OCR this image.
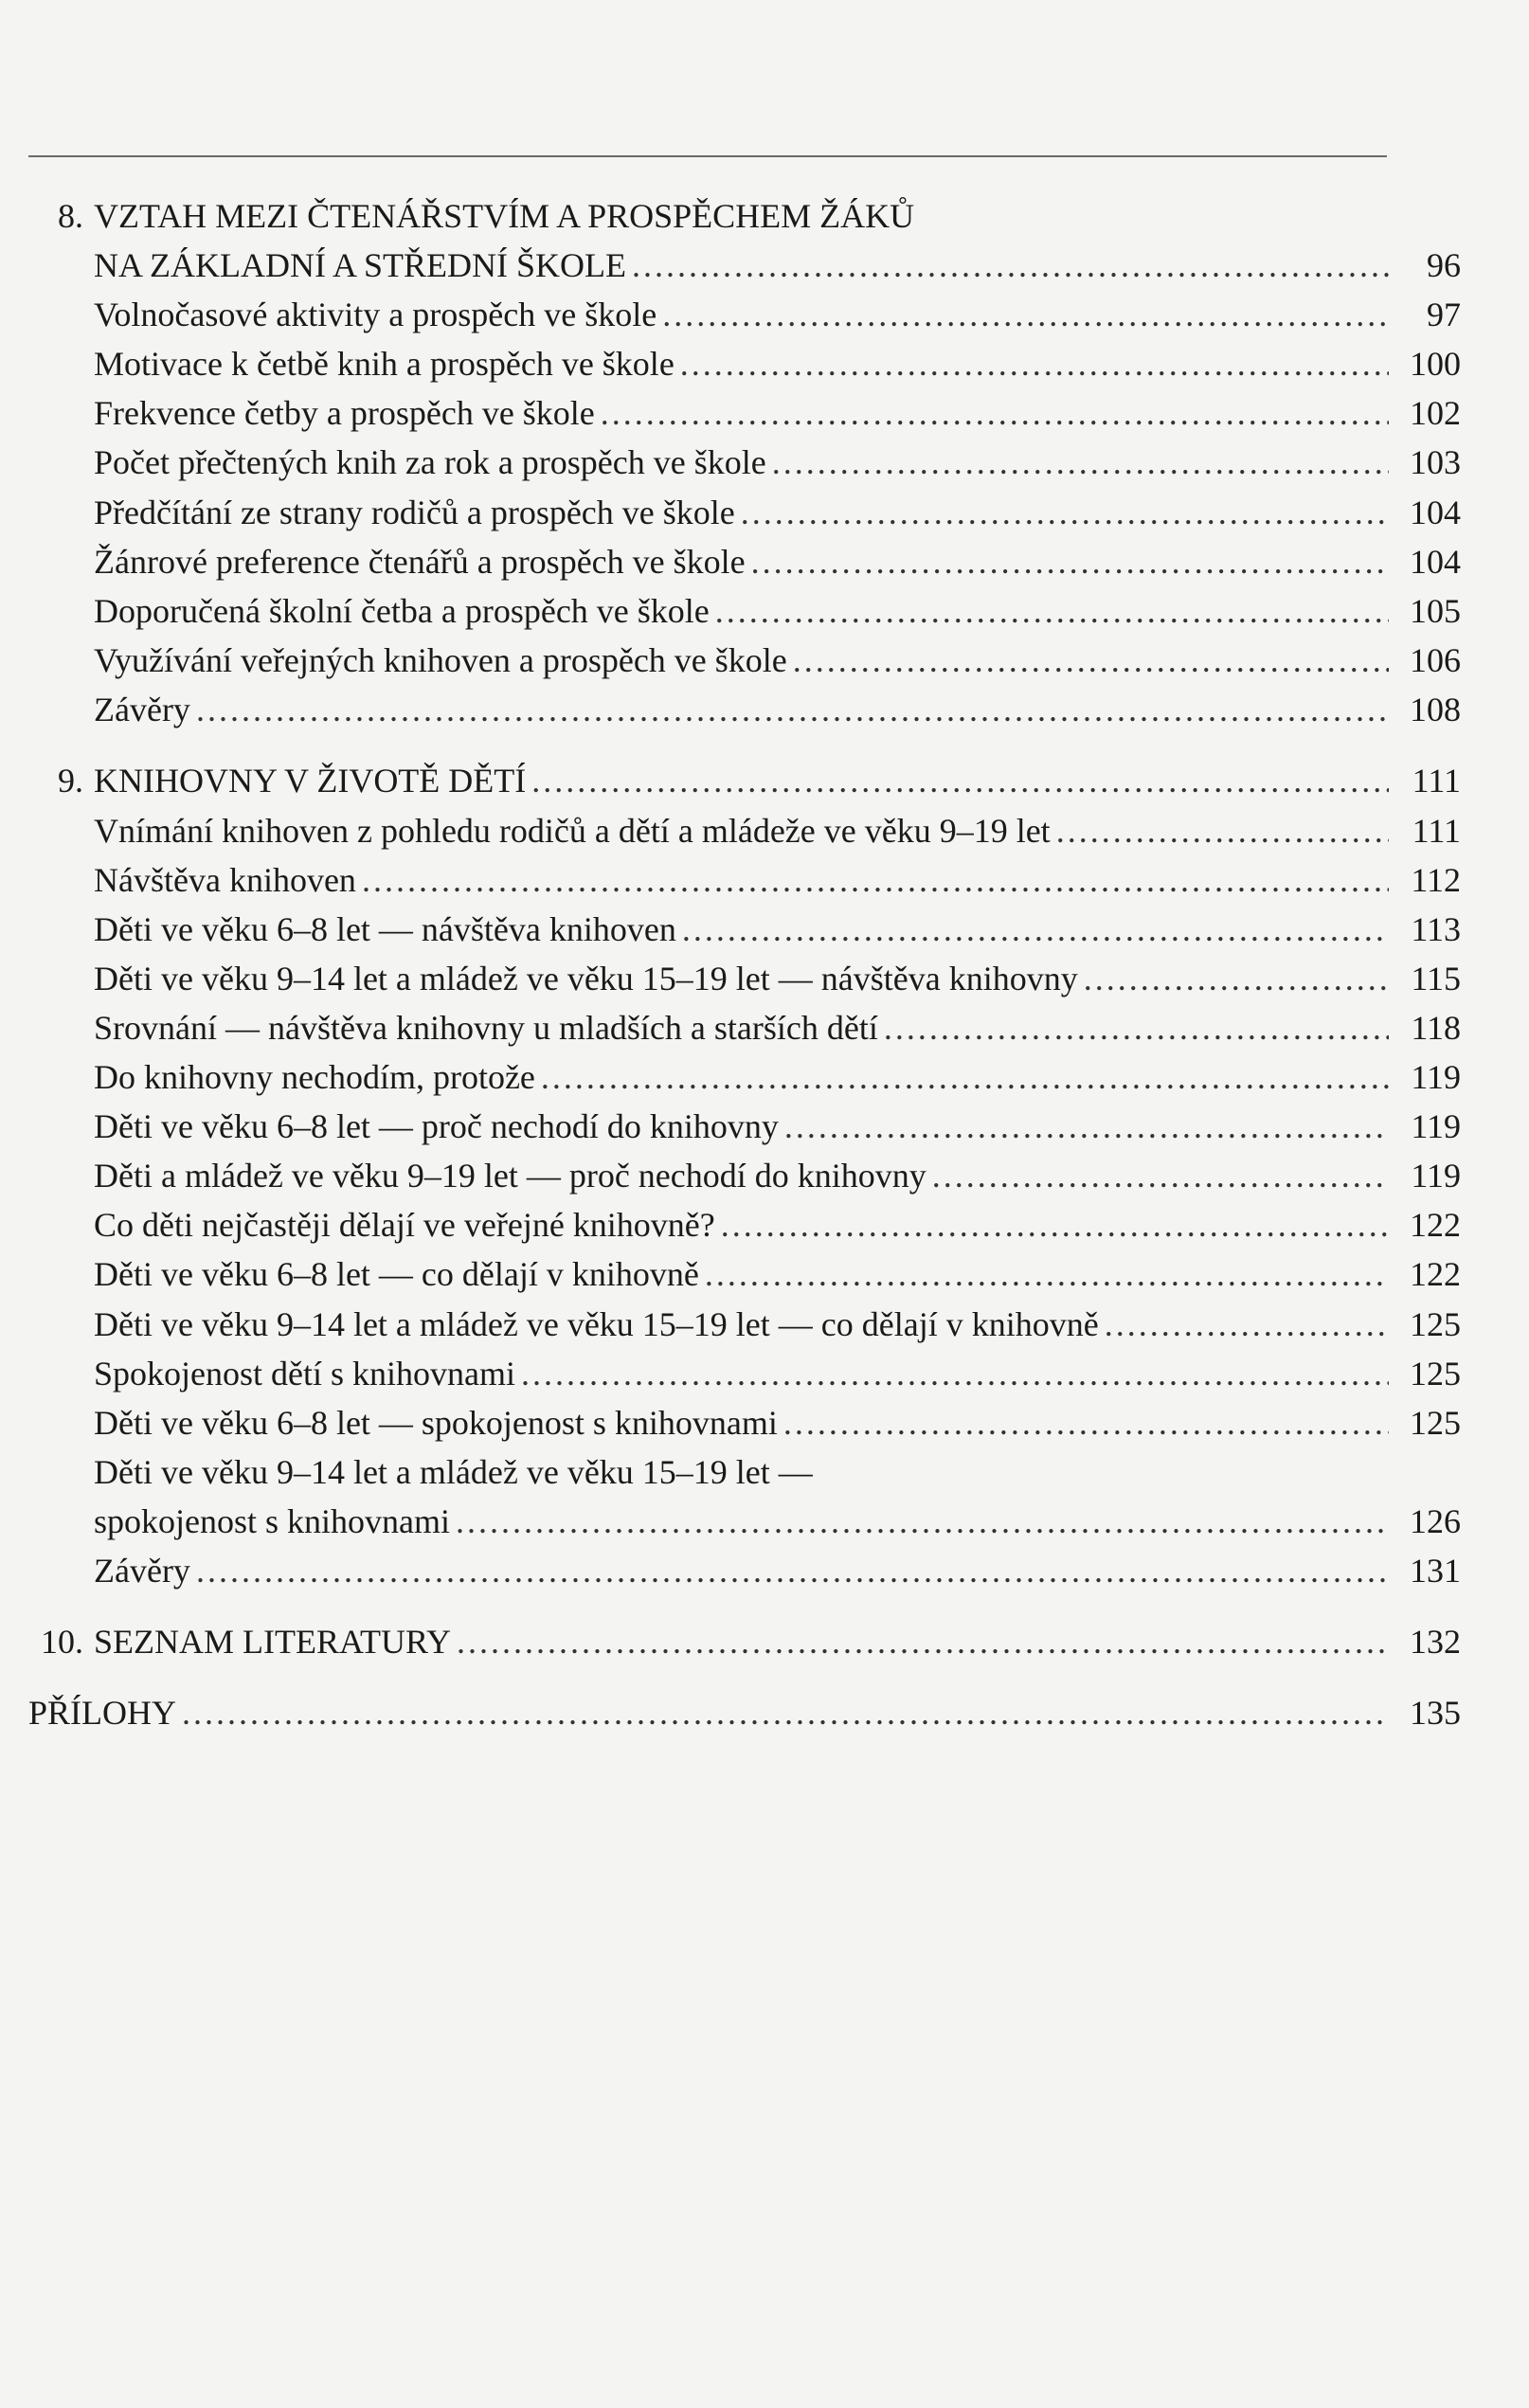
8. VZTAH MEZI ČTENÁŘSTVÍM A PROSPĚCHEM ŽÁKŮ
NA ZÁKLADNÍ A STŘEDNÍ ŠKOLE . . .	96
Volnočasové aktivity a prospěch ve škole . . .	97
Motivace k četbě knih a prospěch ve škole . . .	100
Frekvence četby a prospěch ve škole . . .	102
Počet přečtených knih za rok a prospěch ve škole . . .	103
Předčítání ze strany rodičů a prospěch ve škole . . .	104
Žánrové preference čtenářů a prospěch ve škole . . .	104
Doporučená školní četba a prospěch ve škole . . .	105
Využívání veřejných knihoven a prospěch ve škole . . .	106
Závěry . . .	108
9. KNIHOVNY V ŽIVOTĚ DĚTÍ . . .	111
Vnímání knihoven z pohledu rodičů a dětí a mládeže ve věku 9–19 let . . .	111
Návštěva knihoven . . .	112
Děti ve věku 6–8 let — návštěva knihoven . . .	113
Děti ve věku 9–14 let a mládež ve věku 15–19 let — návštěva knihovny . . .	115
Srovnání — návštěva knihovny u mladších a starších dětí . . .	118
Do knihovny nechodím, protože . . .	119
Děti ve věku 6–8 let — proč nechodí do knihovny . . .	119
Děti a mládež ve věku 9–19 let — proč nechodí do knihovny . . .	119
Co děti nejčastěji dělají ve veřejné knihovně? . . .	122
Děti ve věku 6–8 let — co dělají v knihovně . . .	122
Děti ve věku 9–14 let a mládež ve věku 15–19 let — co dělají v knihovně . . .	125
Spokojenost dětí s knihovnami . . .	125
Děti ve věku 6–8 let — spokojenost s knihovnami . . .	125
Děti ve věku 9–14 let a mládež ve věku 15–19 let —
spokojenost s knihovnami . . .	126
Závěry . . .	131
10. SEZNAM LITERATURY . . .	132
PŘÍLOHY . . .	135
